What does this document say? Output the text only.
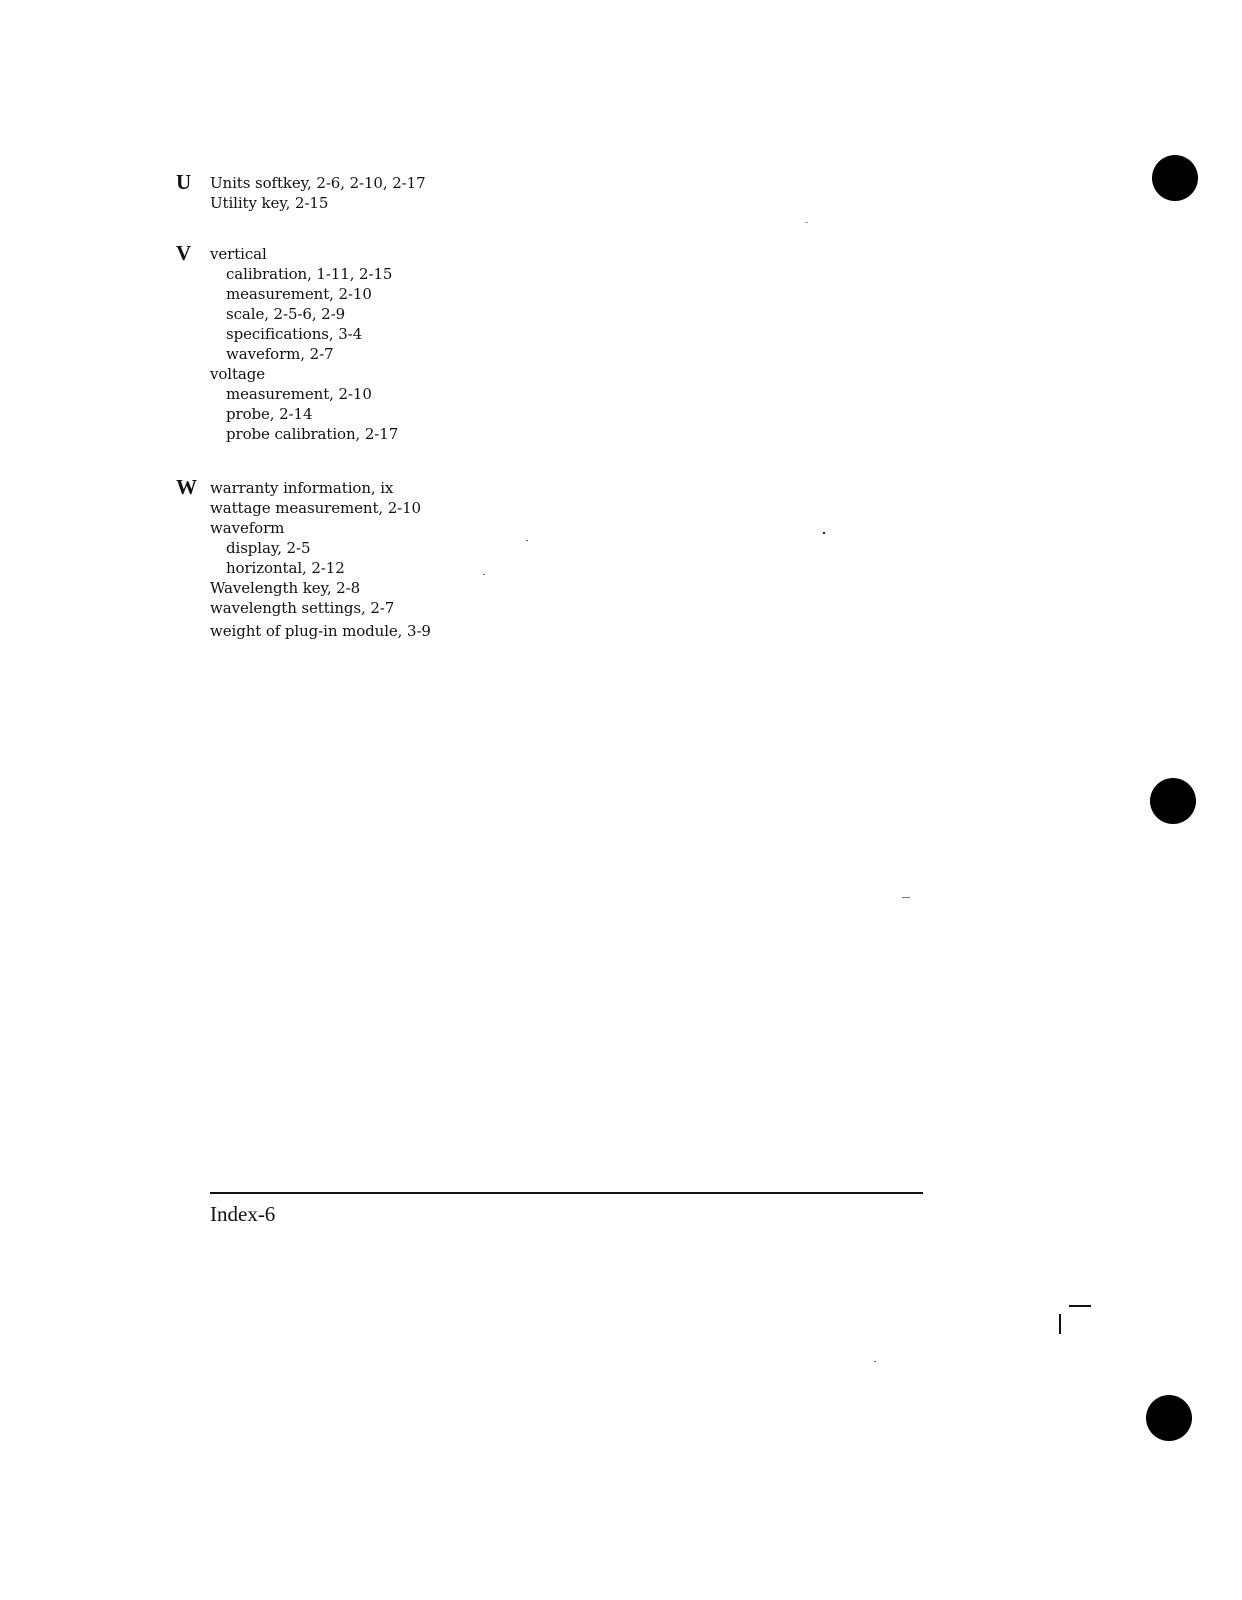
U Units softkey, 2-6, 2-10, 2-17
Utility key, 2-15
V vertical
calibration, 1-11, 2-15
measurement, 2-10
scale, 2-5-6, 2-9
specifications, 3-4
waveform, 2-7
voltage
measurement, 2-10
probe, 2-14
probe calibration, 2-17
W warranty information, ix
wattage measurement, 2-10
waveform
display, 2-5
horizontal, 2-12
Wavelength key, 2-8
wavelength settings, 2-7
weight of plug-in module, 3-9
Index-6
